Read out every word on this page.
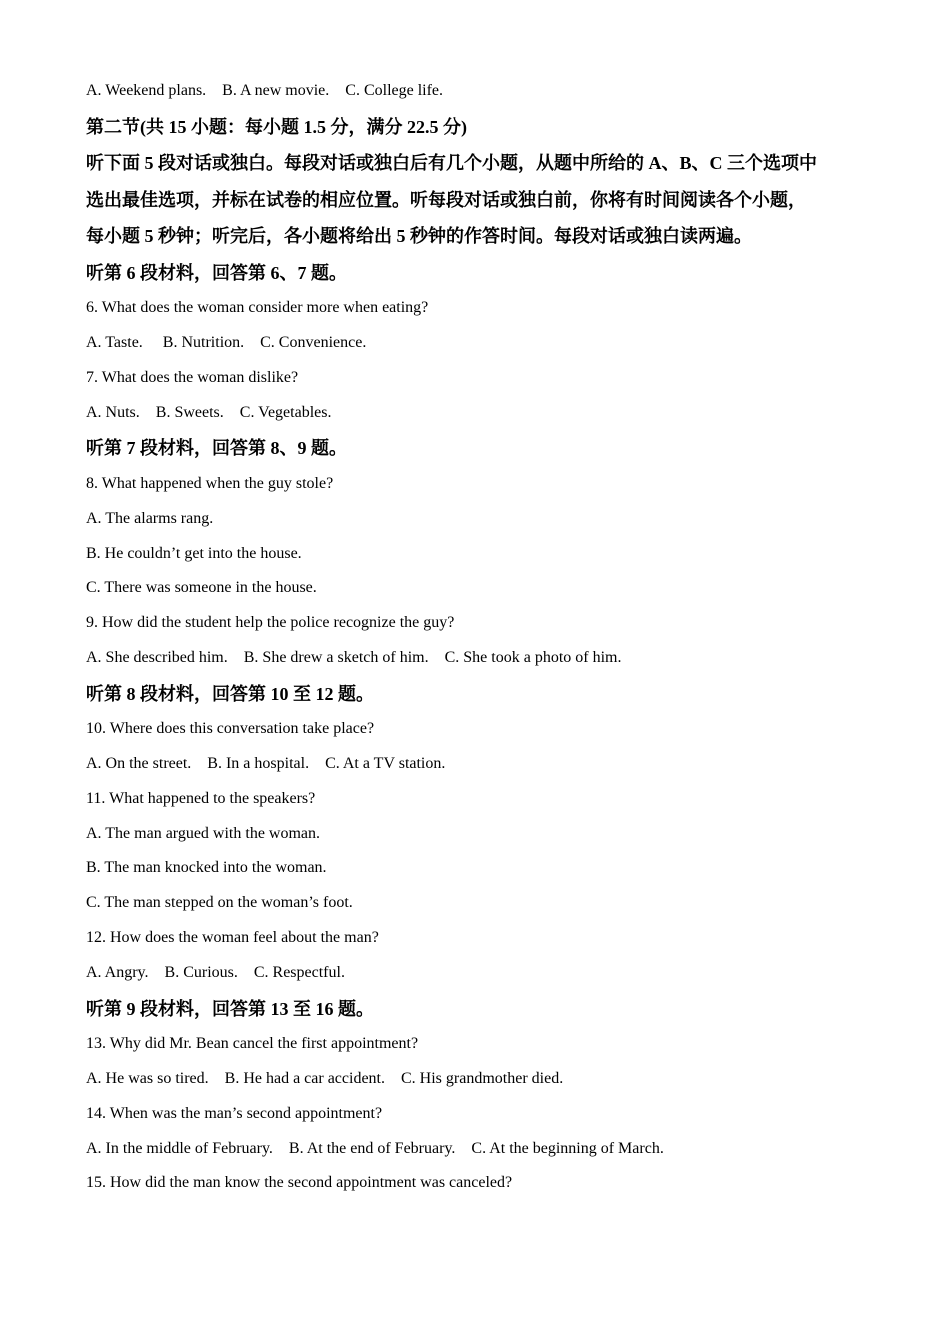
A. Weekend plans.    B. A new movie.    C. College life.

第二节(共 15 小题：每小题 1.5 分，满分 22.5 分)

听下面 5 段对话或独白。每段对话或独白后有几个小题，从题中所给的 A、B、C 三个选项中

选出最佳选项，并标在试卷的相应位置。听每段对话或独白前，你将有时间阅读各个小题，

每小题 5 秒钟；听完后，各小题将给出 5 秒钟的作答时间。每段对话或独白读两遍。

听第 6 段材料，回答第 6、7 题。

6. What does the woman consider more when eating?

A. Taste.     B. Nutrition.    C. Convenience.

7. What does the woman dislike?

A. Nuts.    B. Sweets.    C. Vegetables.

听第 7 段材料，回答第 8、9 题。

8. What happened when the guy stole?

A. The alarms rang.

B. He couldn’t get into the house.

C. There was someone in the house.

9. How did the student help the police recognize the guy?

A. She described him.    B. She drew a sketch of him.    C. She took a photo of him.

听第 8 段材料，回答第 10 至 12 题。

10. Where does this conversation take place?

A. On the street.    B. In a hospital.    C. At a TV station.

11. What happened to the speakers?

A. The man argued with the woman.

B. The man knocked into the woman.

C. The man stepped on the woman’s foot.

12. How does the woman feel about the man?

A. Angry.    B. Curious.    C. Respectful.

听第 9 段材料，回答第 13 至 16 题。

13. Why did Mr. Bean cancel the first appointment?

A. He was so tired.    B. He had a car accident.    C. His grandmother died.

14. When was the man’s second appointment?

A. In the middle of February.    B. At the end of February.    C. At the beginning of March.

15. How did the man know the second appointment was canceled?
